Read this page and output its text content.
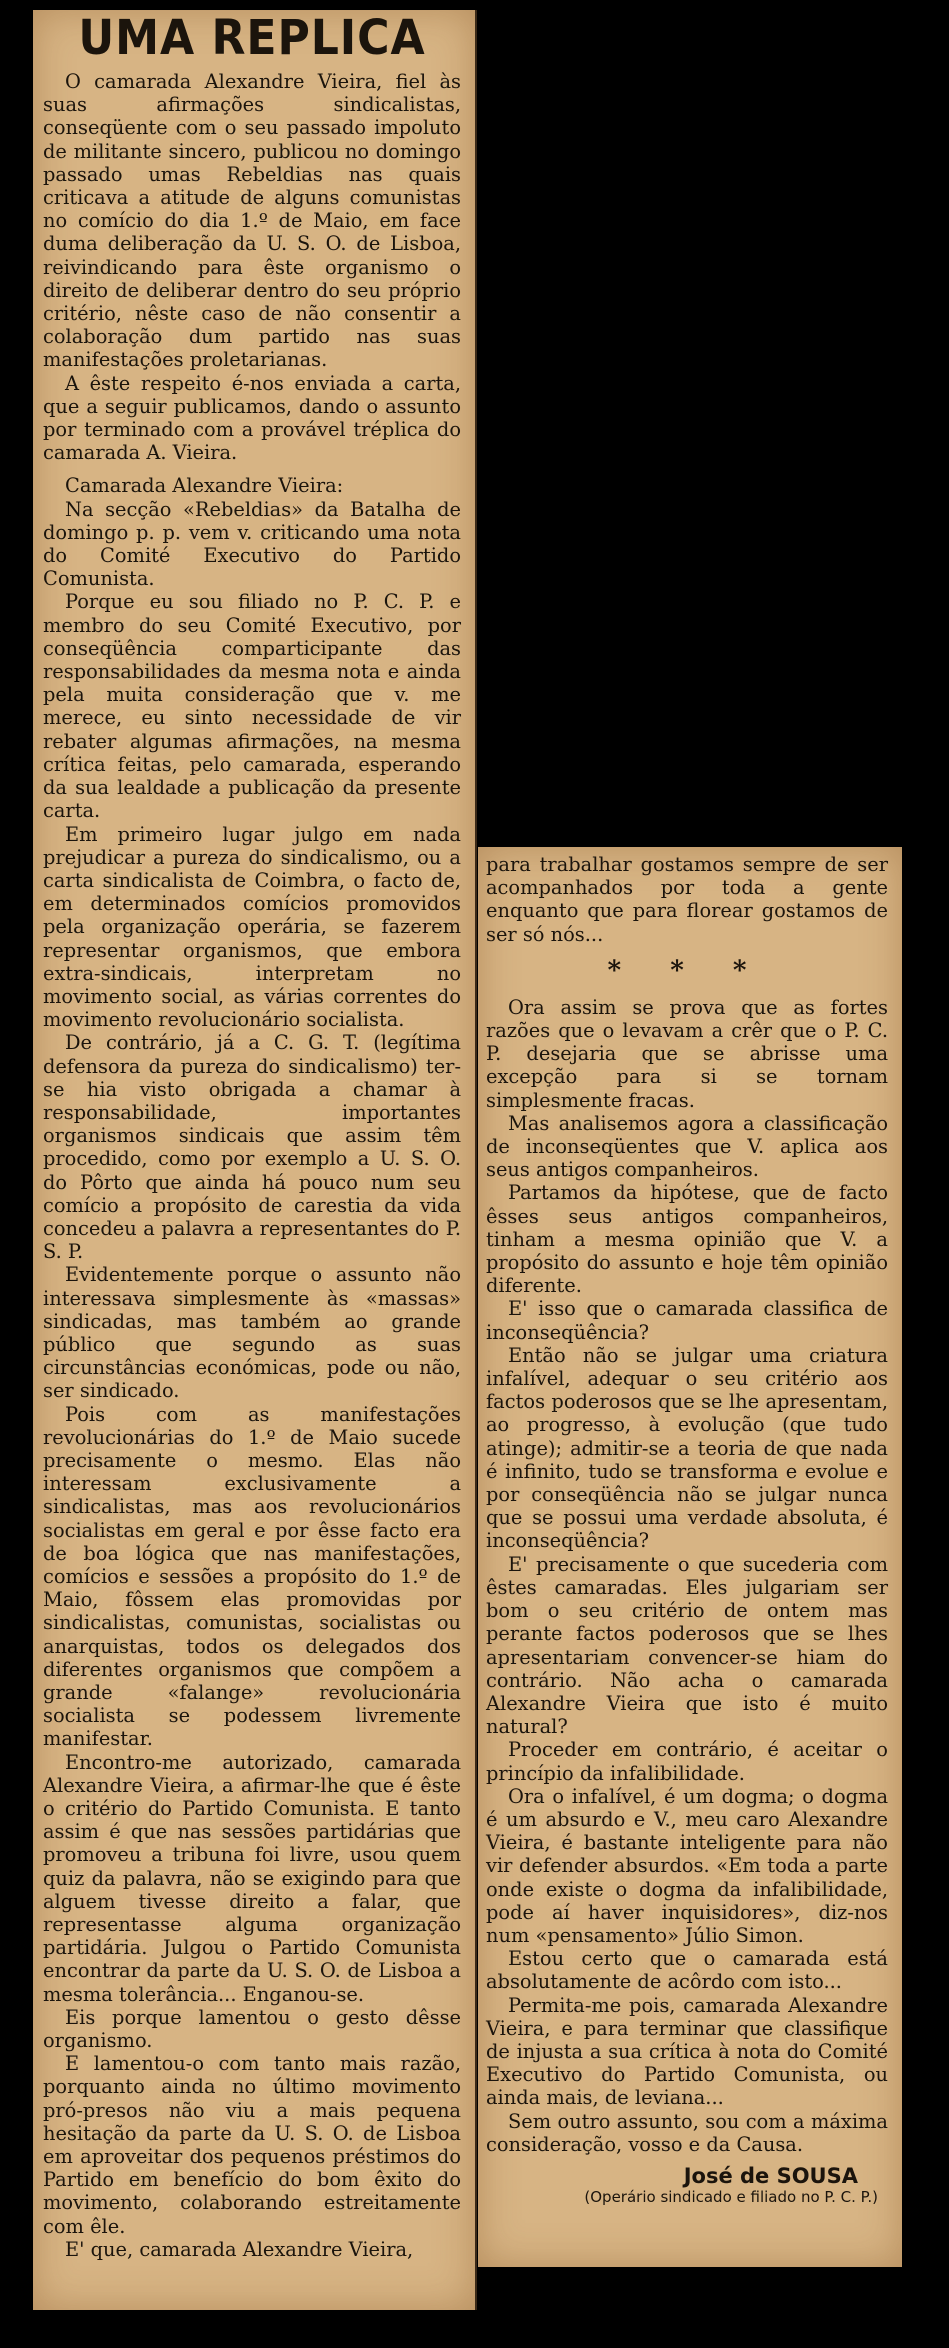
UMA REPLICA

O camarada Alexandre Vieira, fiel às suas afirmações sindicalistas, conseqüente com o seu passado impoluto de militante sincero, publicou no domingo passado umas Rebeldias nas quais criticava a atitude de alguns comunistas no comício do dia 1.º de Maio, em face duma deliberação da U. S. O. de Lisboa, reivindicando para êste organismo o direito de deliberar dentro do seu próprio critério, nêste caso de não consentir a colaboração dum partido nas suas manifestações proletarianas.

A êste respeito é-nos enviada a carta, que a seguir publicamos, dando o assunto por terminado com a provável tréplica do camarada A. Vieira.

Camarada Alexandre Vieira:

Na secção «Rebeldias» da Batalha de domingo p. p. vem v. criticando uma nota do Comité Executivo do Partido Comunista.

Porque eu sou filiado no P. C. P. e membro do seu Comité Executivo, por conseqüência comparticipante das responsabilidades da mesma nota e ainda pela muita consideração que v. me merece, eu sinto necessidade de vir rebater algumas afirmações, na mesma crítica feitas, pelo camarada, esperando da sua lealdade a publicação da presente carta.

Em primeiro lugar julgo em nada prejudicar a pureza do sindicalismo, ou a carta sindicalista de Coimbra, o facto de, em determinados comícios promovidos pela organização operária, se fazerem representar organismos, que embora extra-sindicais, interpretam no movimento social, as várias correntes do movimento revolucionário socialista.

De contrário, já a C. G. T. (legítima defensora da pureza do sindicalismo) ter-se hia visto obrigada a chamar à responsabilidade, importantes organismos sindicais que assim têm procedido, como por exemplo a U. S. O. do Pôrto que ainda há pouco num seu comício a propósito de carestia da vida concedeu a palavra a representantes do P. S. P.

Evidentemente porque o assunto não interessava simplesmente às «massas» sindicadas, mas também ao grande público que segundo as suas circunstâncias económicas, pode ou não, ser sindicado.

Pois com as manifestações revolucionárias do 1.º de Maio sucede precisamente o mesmo. Elas não interessam exclusivamente a sindicalistas, mas aos revolucionários socialistas em geral e por êsse facto era de boa lógica que nas manifestações, comícios e sessões a propósito do 1.º de Maio, fôssem elas promovidas por sindicalistas, comunistas, socialistas ou anarquistas, todos os delegados dos diferentes organismos que compõem a grande «falange» revolucionária socialista se podessem livremente manifestar.

Encontro-me autorizado, camarada Alexandre Vieira, a afirmar-lhe que é êste o critério do Partido Comunista. E tanto assim é que nas sessões partidárias que promoveu a tribuna foi livre, usou quem quiz da palavra, não se exigindo para que alguem tivesse direito a falar, que representasse alguma organização partidária. Julgou o Partido Comunista encontrar da parte da U. S. O. de Lisboa a mesma tolerância... Enganou-se.

Eis porque lamentou o gesto dêsse organismo.

E lamentou-o com tanto mais razão, porquanto ainda no último movimento pró-presos não viu a mais pequena hesitação da parte da U. S. O. de Lisboa em aproveitar dos pequenos préstimos do Partido em benefício do bom êxito do movimento, colaborando estreitamente com êle.

E' que, camarada Alexandre Vieira,

para trabalhar gostamos sempre de ser acompanhados por toda a gente enquanto que para florear gostamos de ser só nós...

* * *

Ora assim se prova que as fortes razões que o levavam a crêr que o P. C. P. desejaria que se abrisse uma excepção para si se tornam simplesmente fracas.

Mas analisemos agora a classificação de inconseqüentes que V. aplica aos seus antigos companheiros.

Partamos da hipótese, que de facto êsses seus antigos companheiros, tinham a mesma opinião que V. a propósito do assunto e hoje têm opinião diferente.

E' isso que o camarada classifica de inconseqüência?

Então não se julgar uma criatura infalível, adequar o seu critério aos factos poderosos que se lhe apresentam, ao progresso, à evolução (que tudo atinge); admitir-se a teoria de que nada é infinito, tudo se transforma e evolue e por conseqüência não se julgar nunca que se possui uma verdade absoluta, é inconseqüência?

E' precisamente o que sucederia com êstes camaradas. Eles julgariam ser bom o seu critério de ontem mas perante factos poderosos que se lhes apresentariam convencer-se hiam do contrário. Não acha o camarada Alexandre Vieira que isto é muito natural?

Proceder em contrário, é aceitar o princípio da infalibilidade.

Ora o infalível, é um dogma; o dogma é um absurdo e V., meu caro Alexandre Vieira, é bastante inteligente para não vir defender absurdos. «Em toda a parte onde existe o dogma da infalibilidade, pode aí haver inquisidores», diz-nos num «pensamento» Júlio Simon.

Estou certo que o camarada está absolutamente de acôrdo com isto...

Permita-me pois, camarada Alexandre Vieira, e para terminar que classifique de injusta a sua crítica à nota do Comité Executivo do Partido Comunista, ou ainda mais, de leviana...

Sem outro assunto, sou com a máxima consideração, vosso e da Causa.

José de SOUSA
(Operário sindicado e filiado no P. C. P.)
